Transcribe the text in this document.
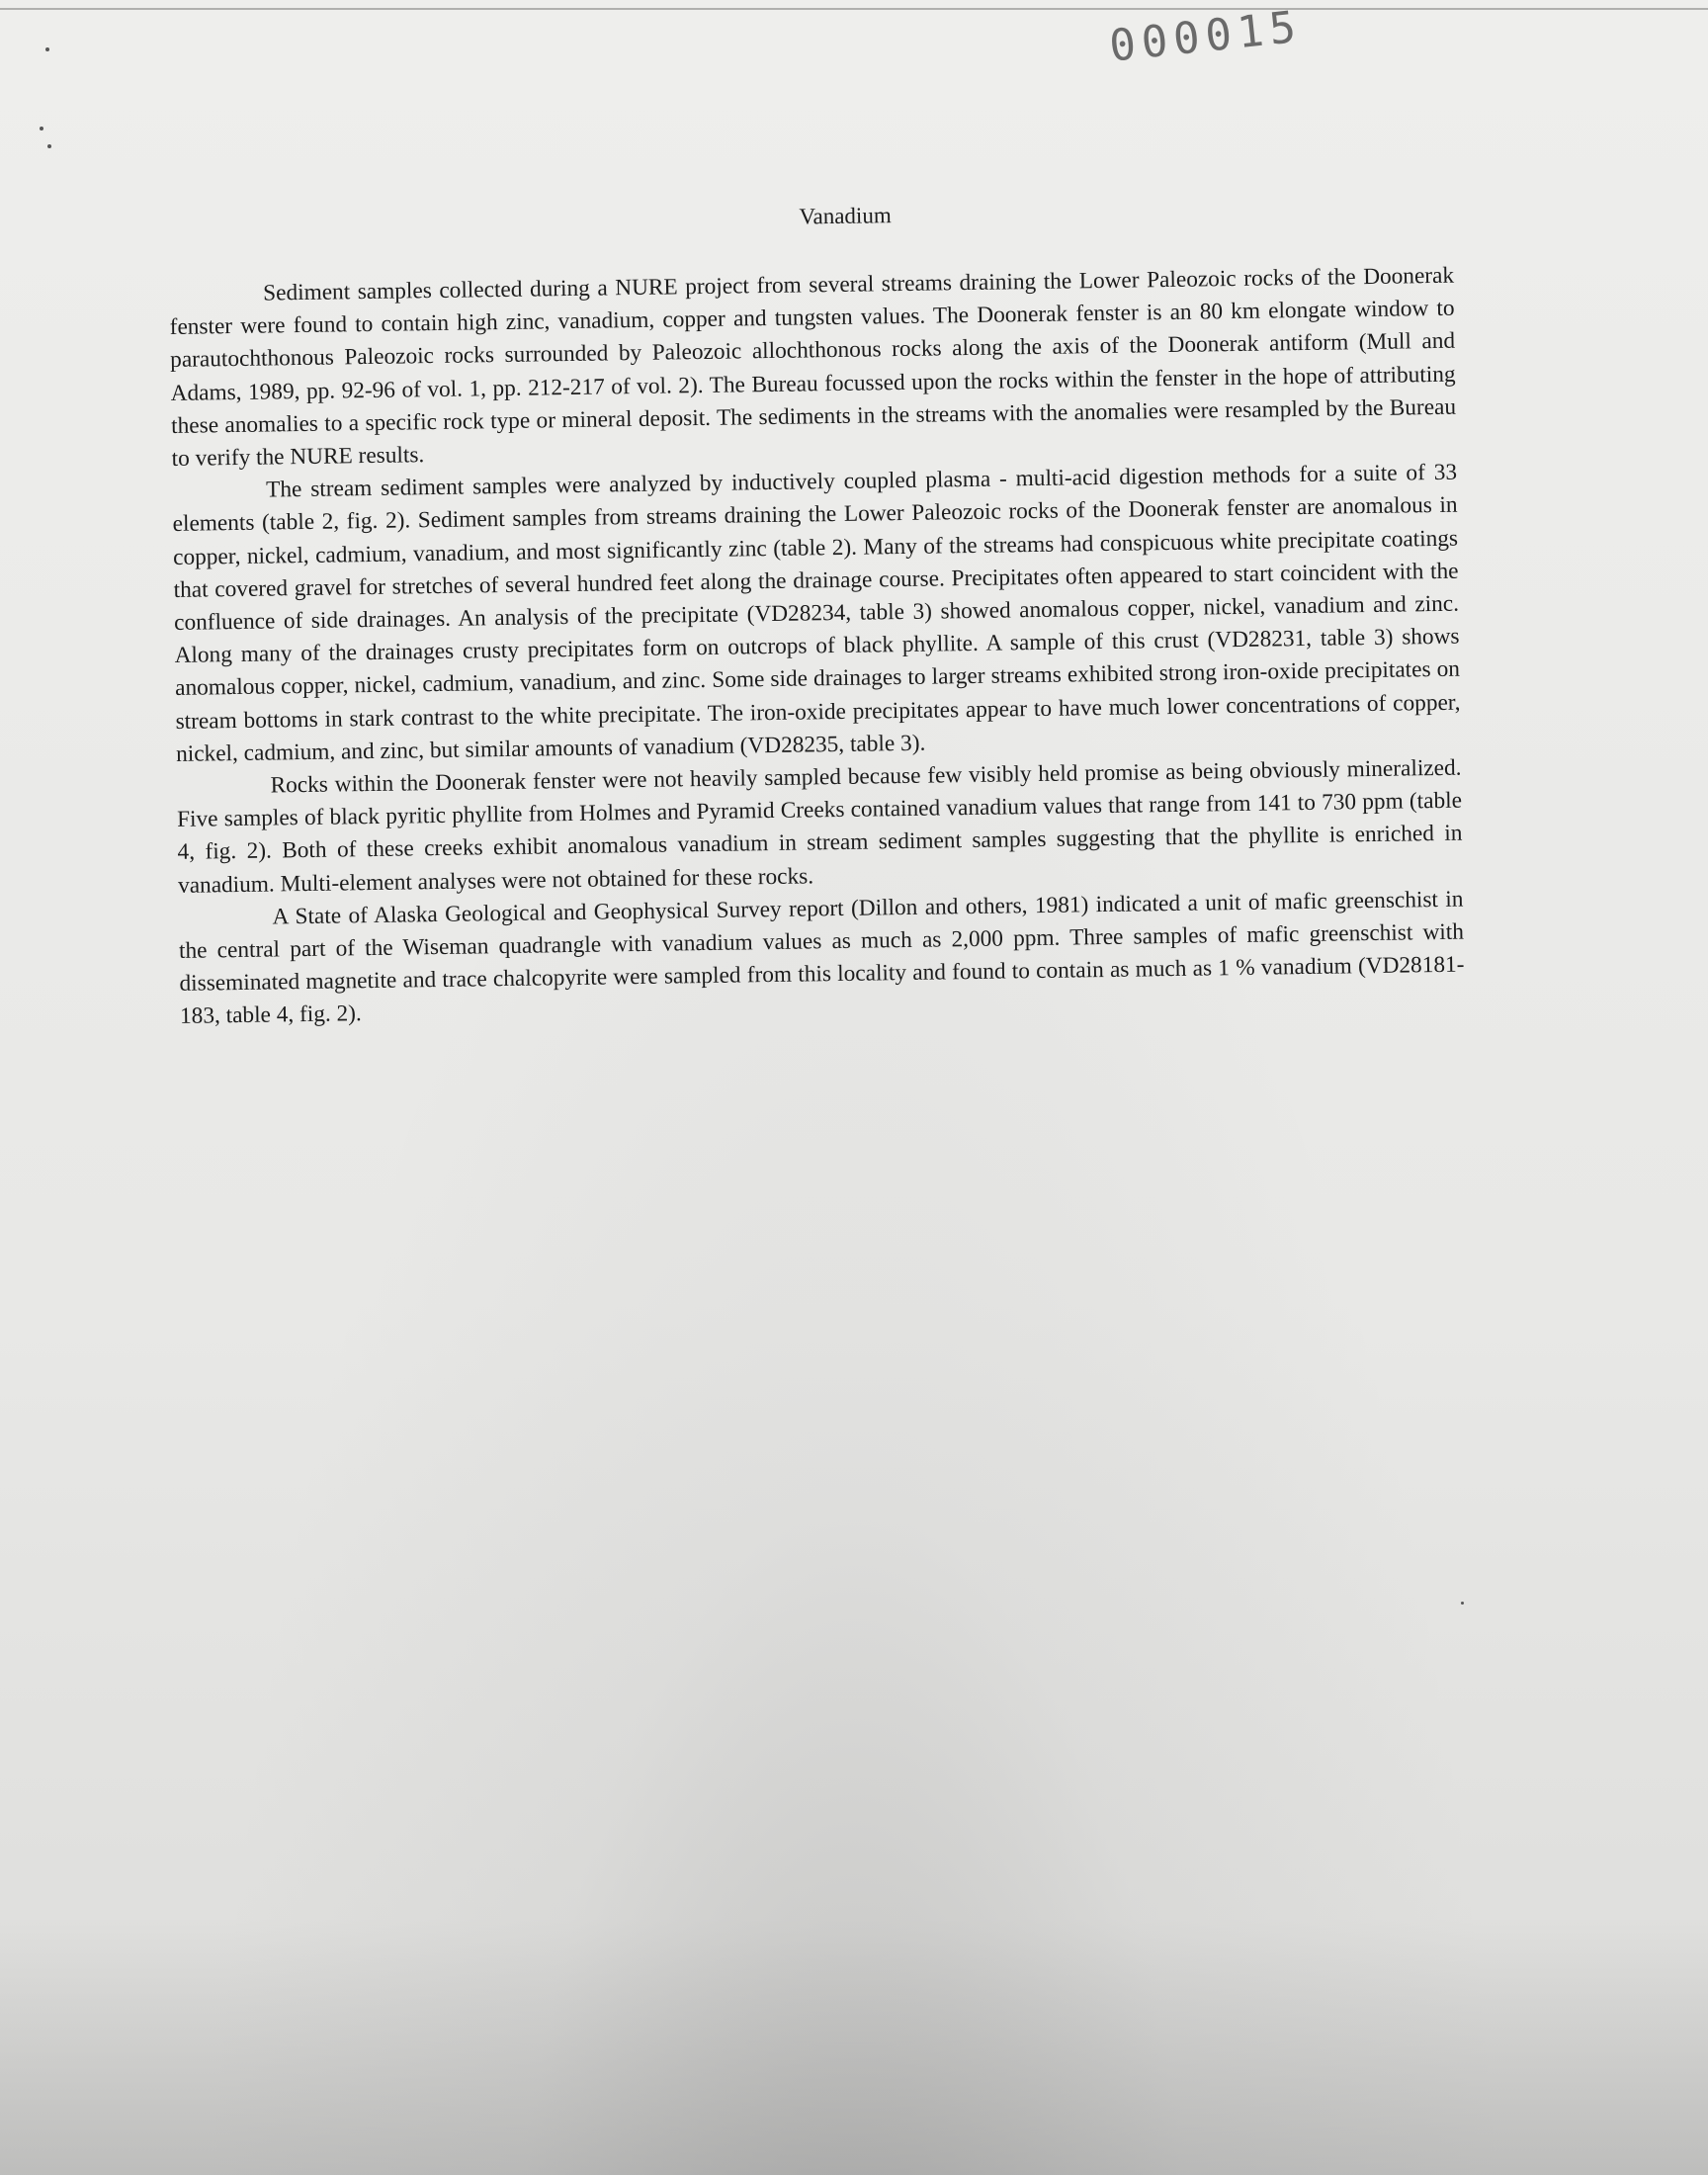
000015
Vanadium

Sediment samples collected during a NURE project from several streams draining the Lower Paleozoic rocks of the Doonerak fenster were found to contain high zinc, vanadium, copper and tungsten values. The Doonerak fenster is an 80 km elongate window to parautochthonous Paleozoic rocks surrounded by Paleozoic allochthonous rocks along the axis of the Doonerak antiform (Mull and Adams, 1989, pp. 92-96 of vol. 1, pp. 212-217 of vol. 2). The Bureau focussed upon the rocks within the fenster in the hope of attributing these anomalies to a specific rock type or mineral deposit. The sediments in the streams with the anomalies were resampled by the Bureau to verify the NURE results.

The stream sediment samples were analyzed by inductively coupled plasma - multi-acid digestion methods for a suite of 33 elements (table 2, fig. 2). Sediment samples from streams draining the Lower Paleozoic rocks of the Doonerak fenster are anomalous in copper, nickel, cadmium, vanadium, and most significantly zinc (table 2). Many of the streams had conspicuous white precipitate coatings that covered gravel for stretches of several hundred feet along the drainage course. Precipitates often appeared to start coincident with the confluence of side drainages. An analysis of the precipitate (VD28234, table 3) showed anomalous copper, nickel, vanadium and zinc. Along many of the drainages crusty precipitates form on outcrops of black phyllite. A sample of this crust (VD28231, table 3) shows anomalous copper, nickel, cadmium, vanadium, and zinc. Some side drainages to larger streams exhibited strong iron-oxide precipitates on stream bottoms in stark contrast to the white precipitate. The iron-oxide precipitates appear to have much lower concentrations of copper, nickel, cadmium, and zinc, but similar amounts of vanadium (VD28235, table 3).

Rocks within the Doonerak fenster were not heavily sampled because few visibly held promise as being obviously mineralized. Five samples of black pyritic phyllite from Holmes and Pyramid Creeks contained vanadium values that range from 141 to 730 ppm (table 4, fig. 2). Both of these creeks exhibit anomalous vanadium in stream sediment samples suggesting that the phyllite is enriched in vanadium. Multi-element analyses were not obtained for these rocks.

A State of Alaska Geological and Geophysical Survey report (Dillon and others, 1981) indicated a unit of mafic greenschist in the central part of the Wiseman quadrangle with vanadium values as much as 2,000 ppm. Three samples of mafic greenschist with disseminated magnetite and trace chalcopyrite were sampled from this locality and found to contain as much as 1 % vanadium (VD28181-183, table 4, fig. 2).
